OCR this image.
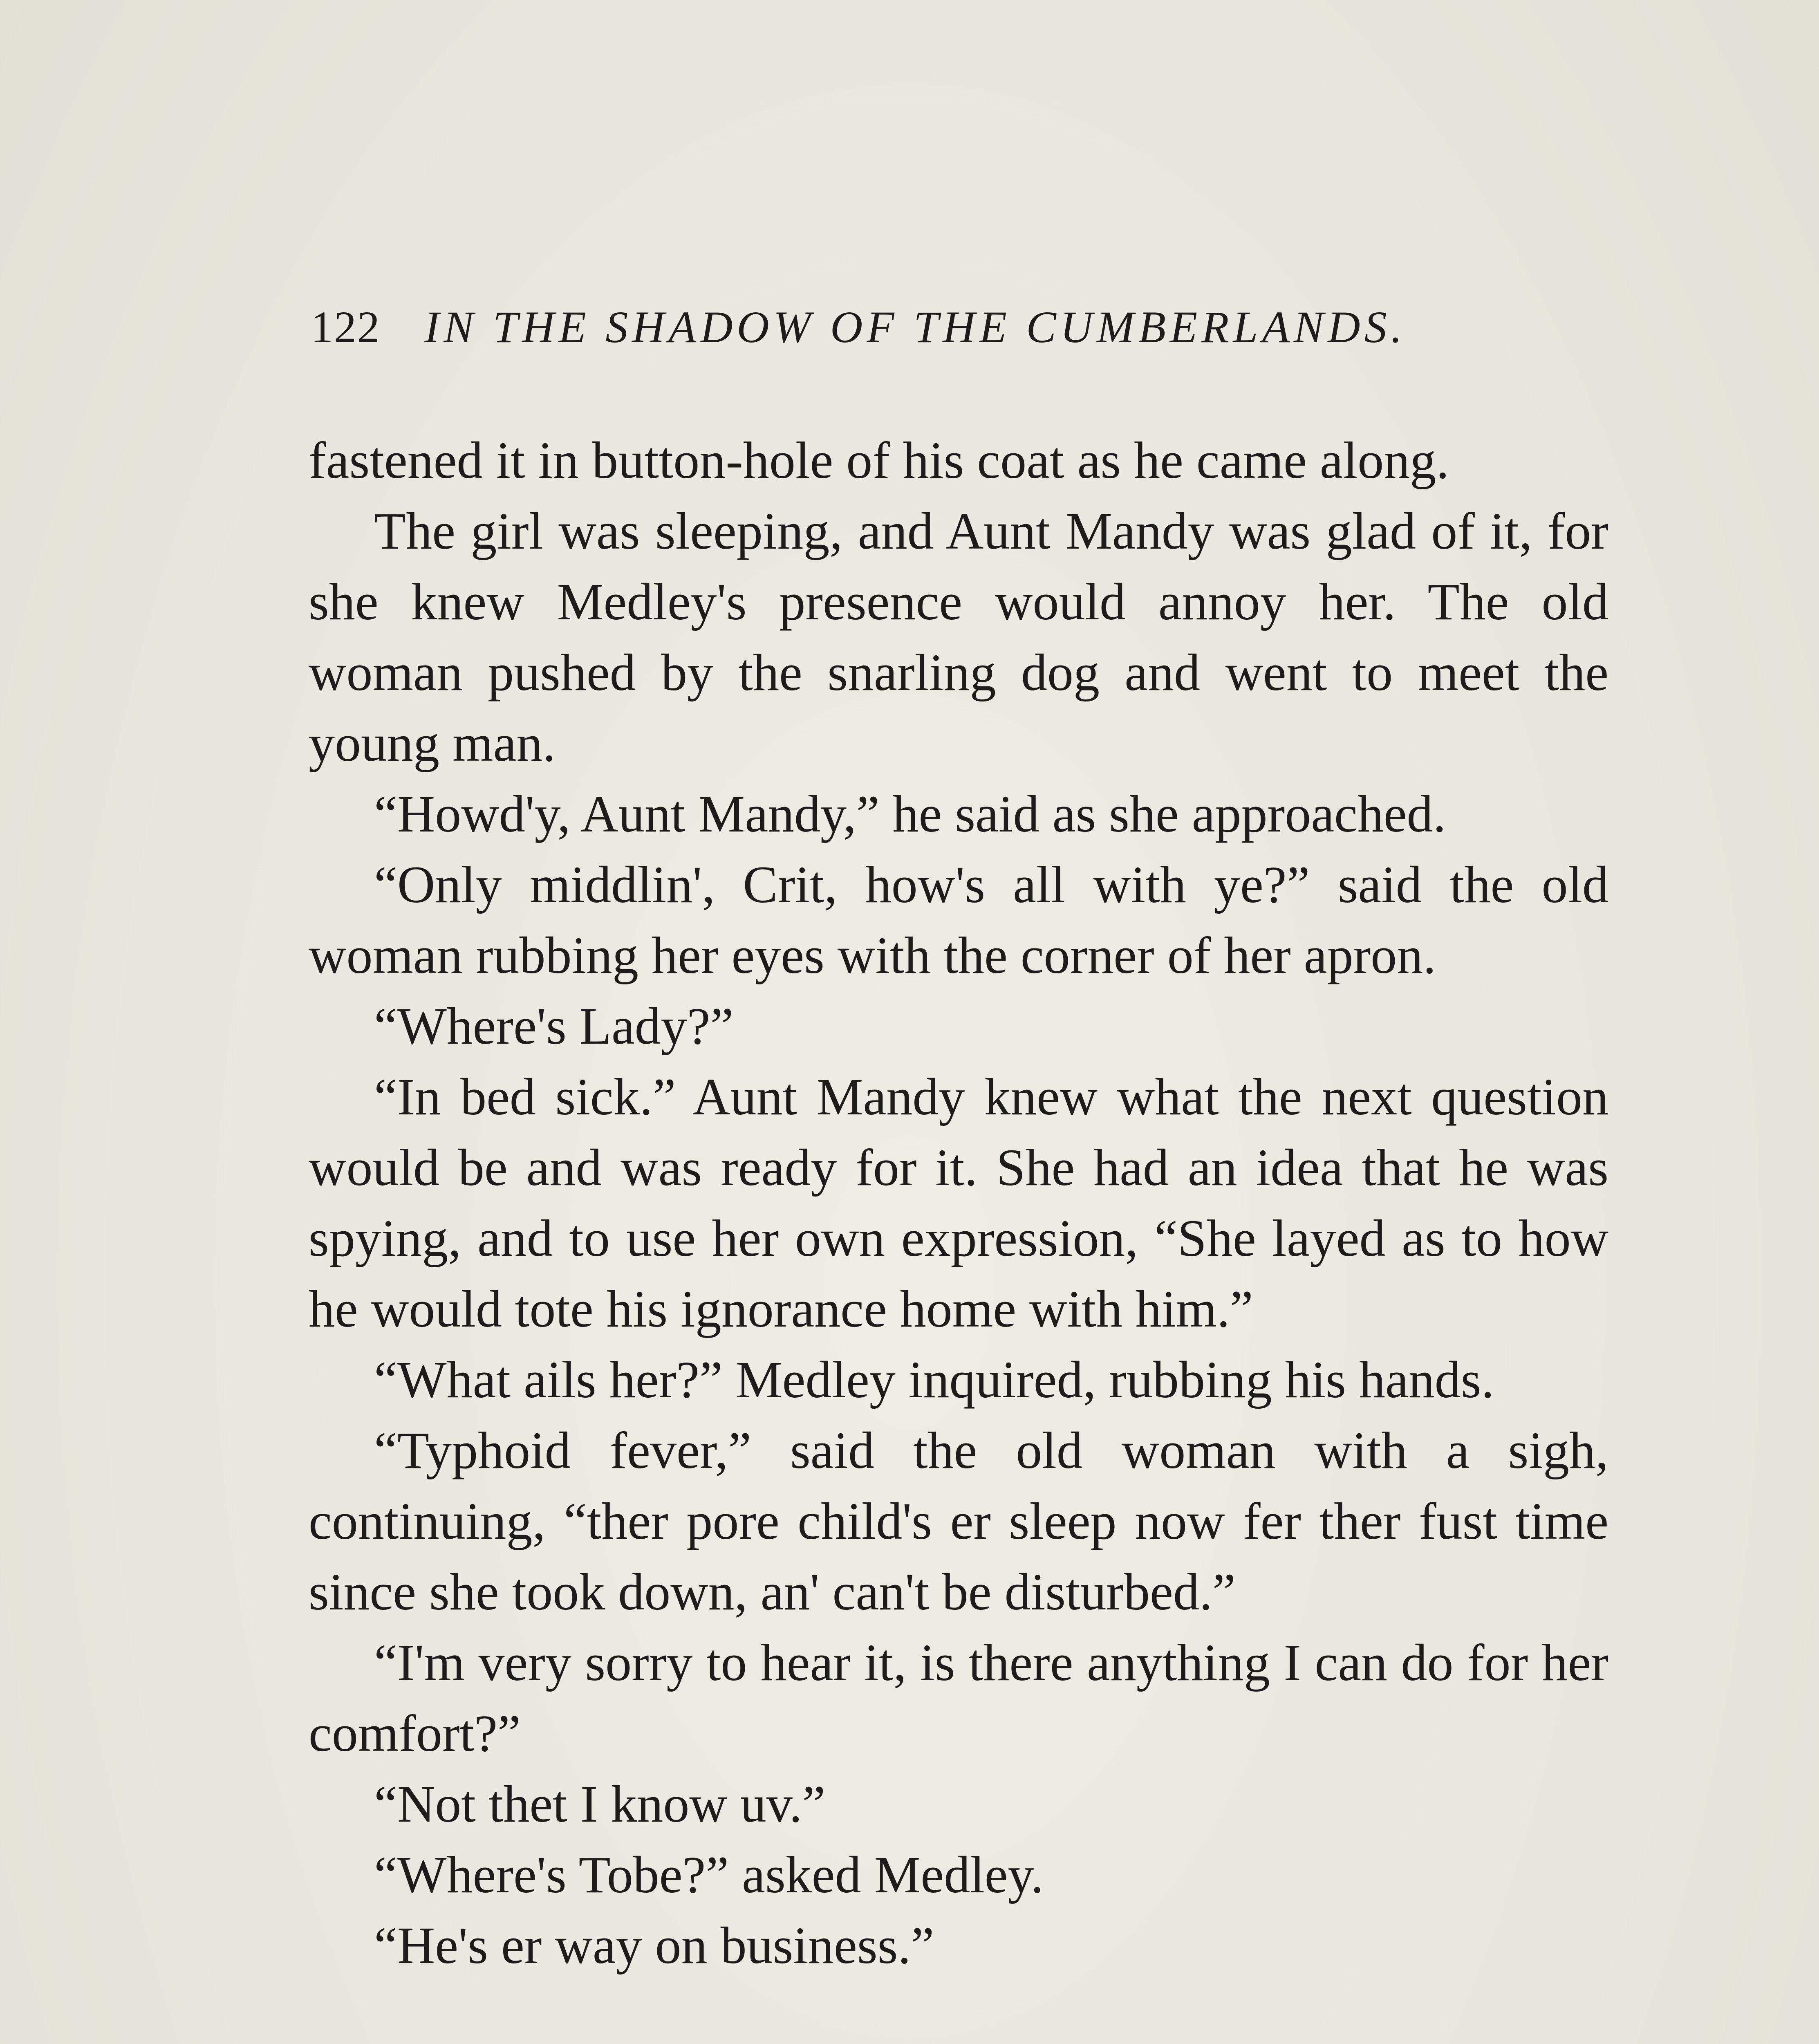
122 IN THE SHADOW OF THE CUMBERLANDS.

fastened it in button-hole of his coat as he came along.

The girl was sleeping, and Aunt Mandy was glad of it, for she knew Medley's presence would annoy her. The old woman pushed by the snarling dog and went to meet the young man.

“Howd'y, Aunt Mandy,” he said as she approached.

“Only middlin', Crit, how's all with ye?” said the old woman rubbing her eyes with the corner of her apron.

“Where's Lady?”

“In bed sick.” Aunt Mandy knew what the next question would be and was ready for it. She had an idea that he was spying, and to use her own expression, “She layed as to how he would tote his ignorance home with him.”

“What ails her?” Medley inquired, rubbing his hands.

“Typhoid fever,” said the old woman with a sigh, continuing, “ther pore child's er sleep now fer ther fust time since she took down, an' can't be disturbed.”

“I'm very sorry to hear it, is there anything I can do for her comfort?”

“Not thet I know uv.”

“Where's Tobe?” asked Medley.

“He's er way on business.”
